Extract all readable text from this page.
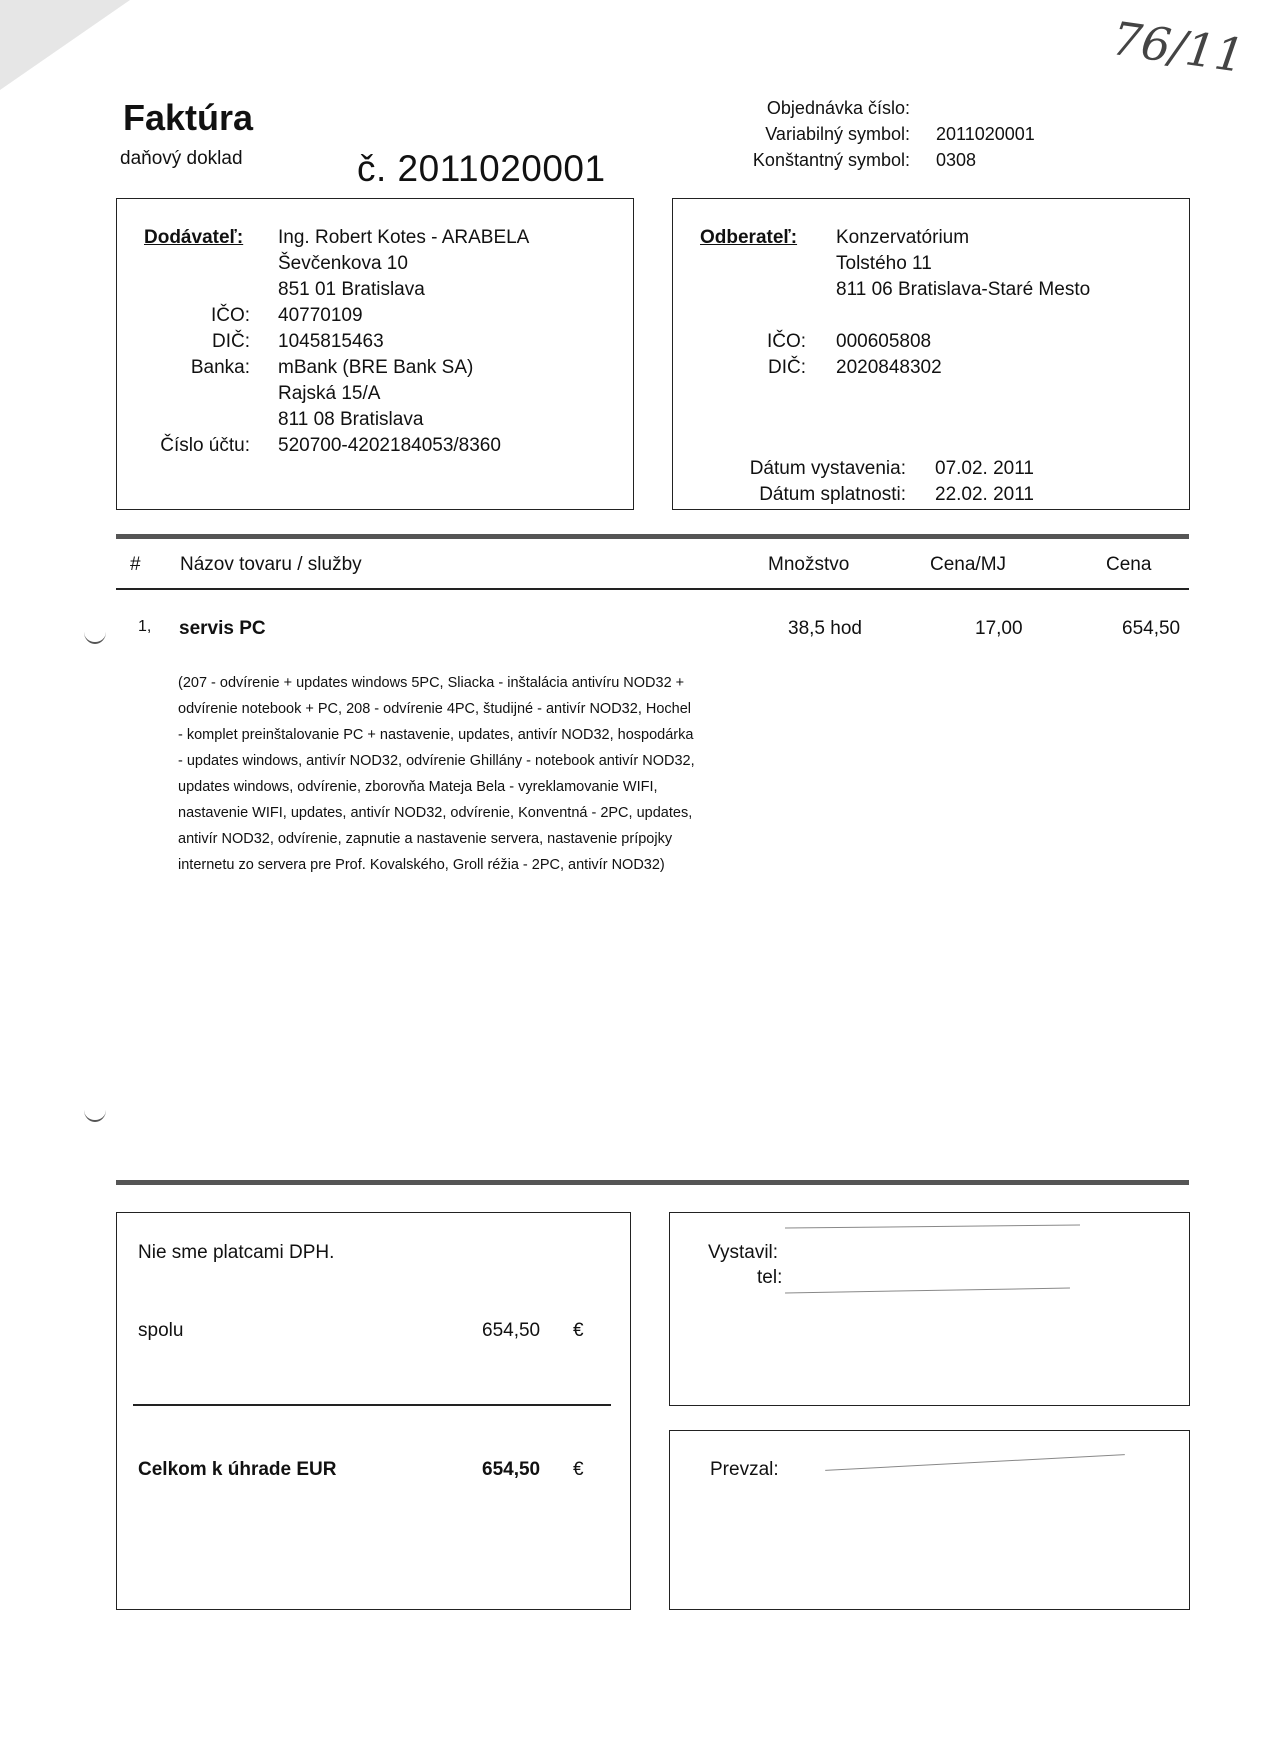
76/11
Faktúra
daňový doklad	č. 2011020001
Objednávka číslo:
Variabilný symbol: 2011020001
Konštantný symbol: 0308
Dodávateľ: Ing. Robert Kotes - ARABELA
Ševčenkova 10
851 01 Bratislava
IČO: 40770109
DIČ: 1045815463
Banka: mBank (BRE Bank SA)
Rajská 15/A
811 08 Bratislava
Číslo účtu: 520700-4202184053/8360
Odberateľ: Konzervatórium
Tolstého 11
811 06 Bratislava-Staré Mesto
IČO: 000605808
DIČ: 2020848302
Dátum vystavenia: 07.02. 2011
Dátum splatnosti: 22.02. 2011
# Názov tovaru / služby	Množstvo	Cena/MJ	Cena
1, servis PC	38,5 hod	17,00	654,50
(207 - odvírenie + updates windows 5PC, Sliacka - inštalácia antivíru NOD32 + odvírenie notebook + PC, 208 - odvírenie 4PC, študijné - antivír NOD32, Hochel - komplet preinštalovanie PC + nastavenie, updates, antivír NOD32, hospodárka - updates windows, antivír NOD32, odvírenie Ghillány - notebook antivír NOD32, updates windows, odvírenie, zborovňa Mateja Bela - vyreklamovanie WIFI, nastavenie WIFI, updates, antivír NOD32, odvírenie, Konventná - 2PC, updates, antivír NOD32, odvírenie, zapnutie a nastavenie servera, nastavenie prípojky internetu zo servera pre Prof. Kovalského, Groll réžia - 2PC, antivír NOD32)
Nie sme platcami DPH.
spolu	654,50 €
Celkom k úhrade EUR	654,50 €
Vystavil:
tel:
Prevzal:
